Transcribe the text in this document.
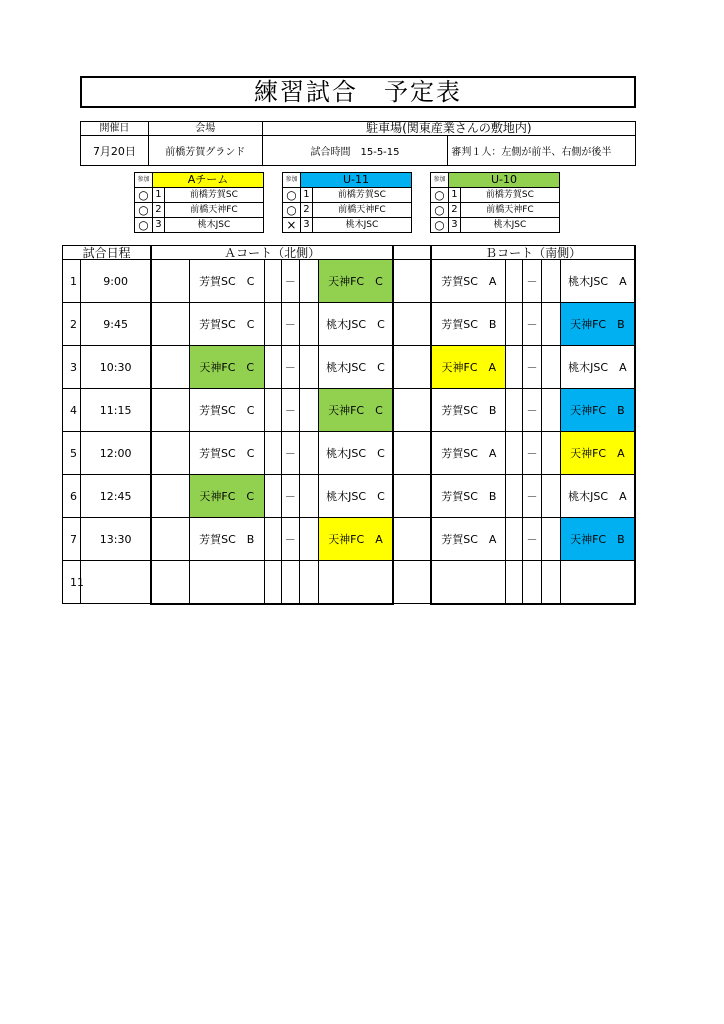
練習試合　予定表
開催日	会場	駐車場(関東産業さんの敷地内)	
7月20日	前橋芳賀グランド	試合時間　15-5-15	審判１人：左側が前半、右側が後半
参加	Aチーム	
○	1	前橋芳賀SC
○	2	前橋天神FC
○	3	桃木JSC
参加	U-11	
○	1	前橋芳賀SC
○	2	前橋天神FC
×	3	桃木JSC
参加	U-10	
○	1	前橋芳賀SC
○	2	前橋天神FC
○	3	桃木JSC
試合日程		Ａコート（北側）							Ｂコート（南側）				
1	9:00		芳賀SC　C		－		天神FC　C		芳賀SC　A		－		桃木JSC　A
2	9:45		芳賀SC　C		－		桃木JSC　C		芳賀SC　B		－		天神FC　B
3	10:30		天神FC　C		－		桃木JSC　C		天神FC　A		－		桃木JSC　A
4	11:15		芳賀SC　C		－		天神FC　C		芳賀SC　B		－		天神FC　B
5	12:00		芳賀SC　C		－		桃木JSC　C		芳賀SC　A		－		天神FC　A
6	12:45		天神FC　C		－		桃木JSC　C		芳賀SC　B		－		桃木JSC　A
7	13:30		芳賀SC　B		－		天神FC　A		芳賀SC　A		－		天神FC　B
11													
